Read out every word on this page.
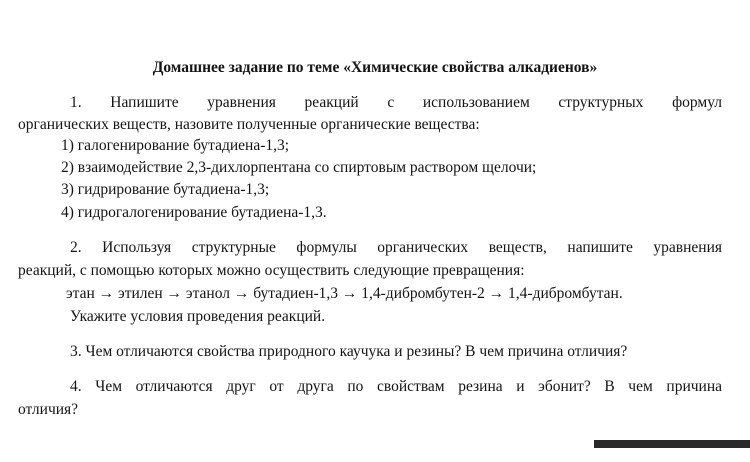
Домашнее задание по теме «Химические свойства алкадиенов»
1. Напишите уравнения реакций с использованием структурных формул
органических веществ, назовите полученные органические вещества:
1) галогенирование бутадиена-1,3;
2) взаимодействие 2,3-дихлорпентана со спиртовым раствором щелочи;
3) гидрирование бутадиена-1,3;
4) гидрогалогенирование бутадиена-1,3.
2. Используя структурные формулы органических веществ, напишите уравнения
реакций, с помощью которых можно осуществить следующие превращения:
этан → этилен → этанол → бутадиен-1,3 → 1,4-дибромбутен-2 → 1,4-дибромбутан.
Укажите условия проведения реакций.
3. Чем отличаются свойства природного каучука и резины? В чем причина отличия?
4. Чем отличаются друг от друга по свойствам резина и эбонит? В чем причина
отличия?
